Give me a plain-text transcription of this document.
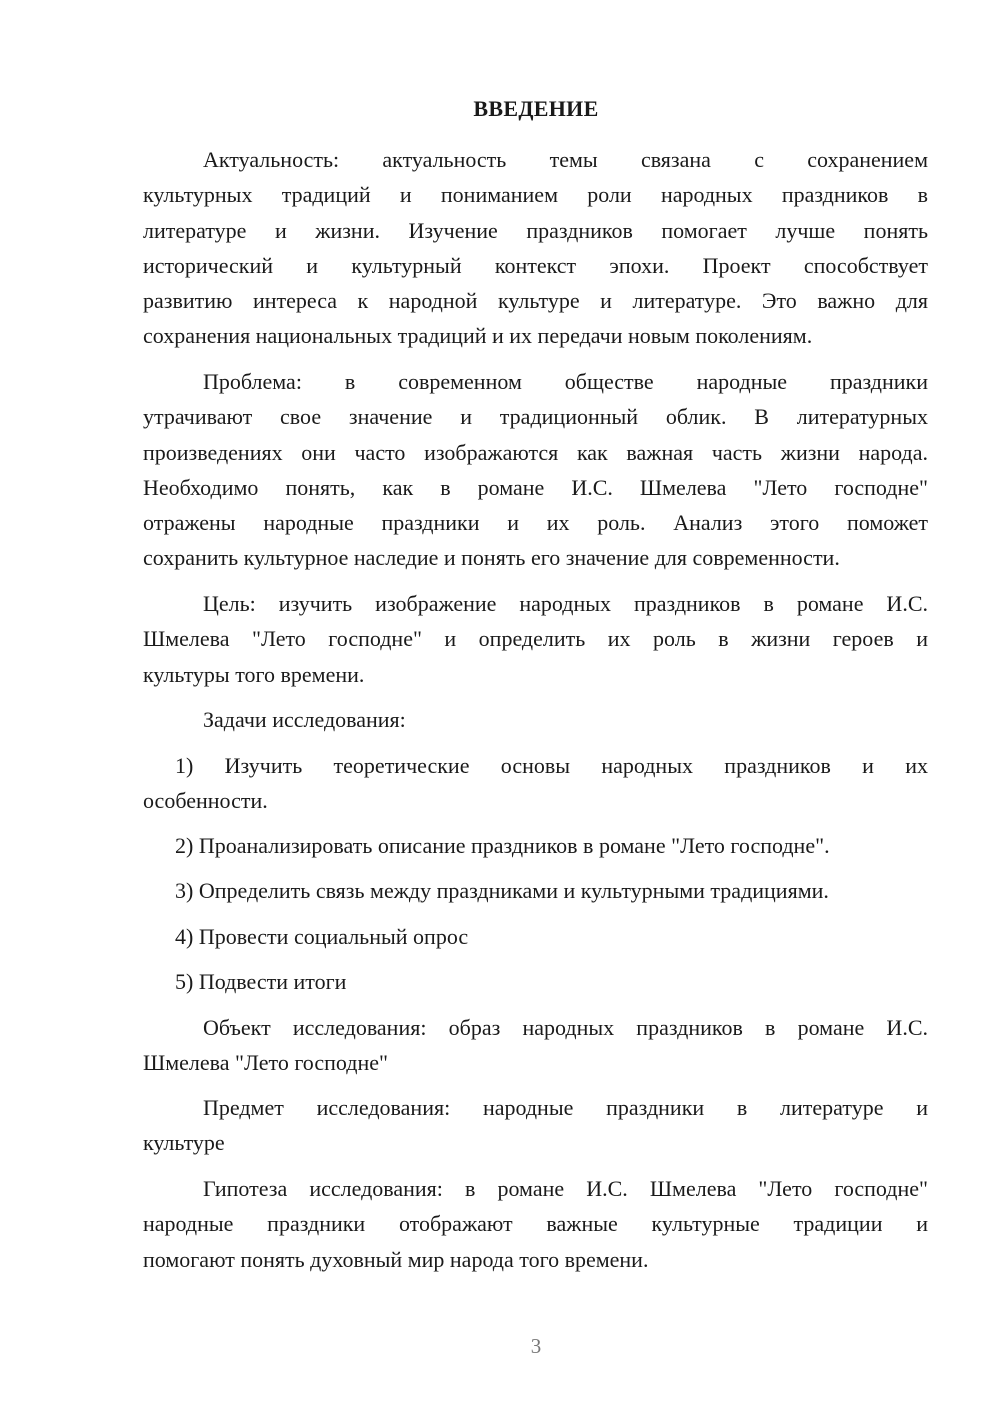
ВВЕДЕНИЕ
Актуальность: актуальность темы связана с сохранением
культурных традиций и пониманием роли народных праздников в
литературе и жизни. Изучение праздников помогает лучше понять
исторический и культурный контекст эпохи. Проект способствует
развитию интереса к народной культуре и литературе. Это важно для
сохранения национальных традиций и их передачи новым поколениям.
Проблема: в современном обществе народные праздники
утрачивают свое значение и традиционный облик. В литературных
произведениях они часто изображаются как важная часть жизни народа.
Необходимо понять, как в романе И.С. Шмелева "Лето господне"
отражены народные праздники и их роль. Анализ этого поможет
сохранить культурное наследие и понять его значение для современности.
Цель: изучить изображение народных праздников в романе И.С.
Шмелева "Лето господне" и определить их роль в жизни героев и
культуры того времени.
Задачи исследования:
1) Изучить теоретические основы народных праздников и их
особенности.
2) Проанализировать описание праздников в романе "Лето господне".
3) Определить связь между праздниками и культурными традициями.
4) Провести социальный опрос
5) Подвести итоги
Объект исследования: образ народных праздников в романе И.С.
Шмелева "Лето господне"
Предмет исследования: народные праздники в литературе и
культуре
Гипотеза исследования: в романе И.С. Шмелева "Лето господне"
народные праздники отображают важные культурные традиции и
помогают понять духовный мир народа того времени.
3
